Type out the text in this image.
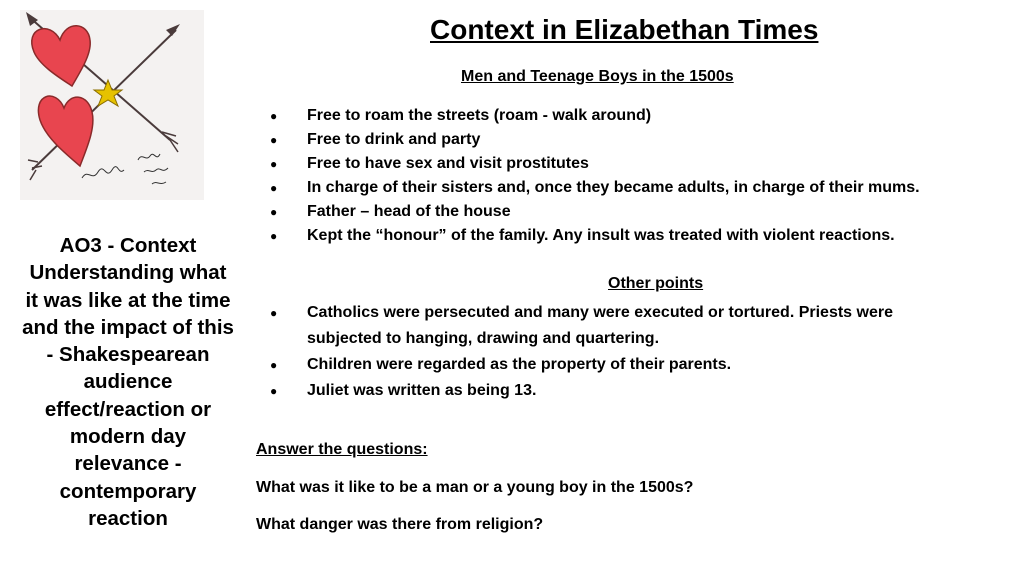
AO3 - Context Understanding what it was like at the time and the impact of this - Shakespearean audience effect/reaction or modern day relevance - contemporary reaction
Context in Elizabethan Times
Men and Teenage Boys in the 1500s
● Free to roam the streets (roam - walk around)
● Free to drink and party
● Free to have sex and visit prostitutes
● In charge of their sisters and, once they became adults, in charge of their mums.
● Father – head of the house
● Kept the “honour” of the family. Any insult was treated with violent reactions.
Other points
● Catholics were persecuted and many were executed or tortured. Priests were subjected to hanging, drawing and quartering.
● Children were regarded as the property of their parents.
● Juliet was written as being 13.
Answer the questions:
What was it like to be a man or a young boy in the 1500s?
What danger was there from religion?
